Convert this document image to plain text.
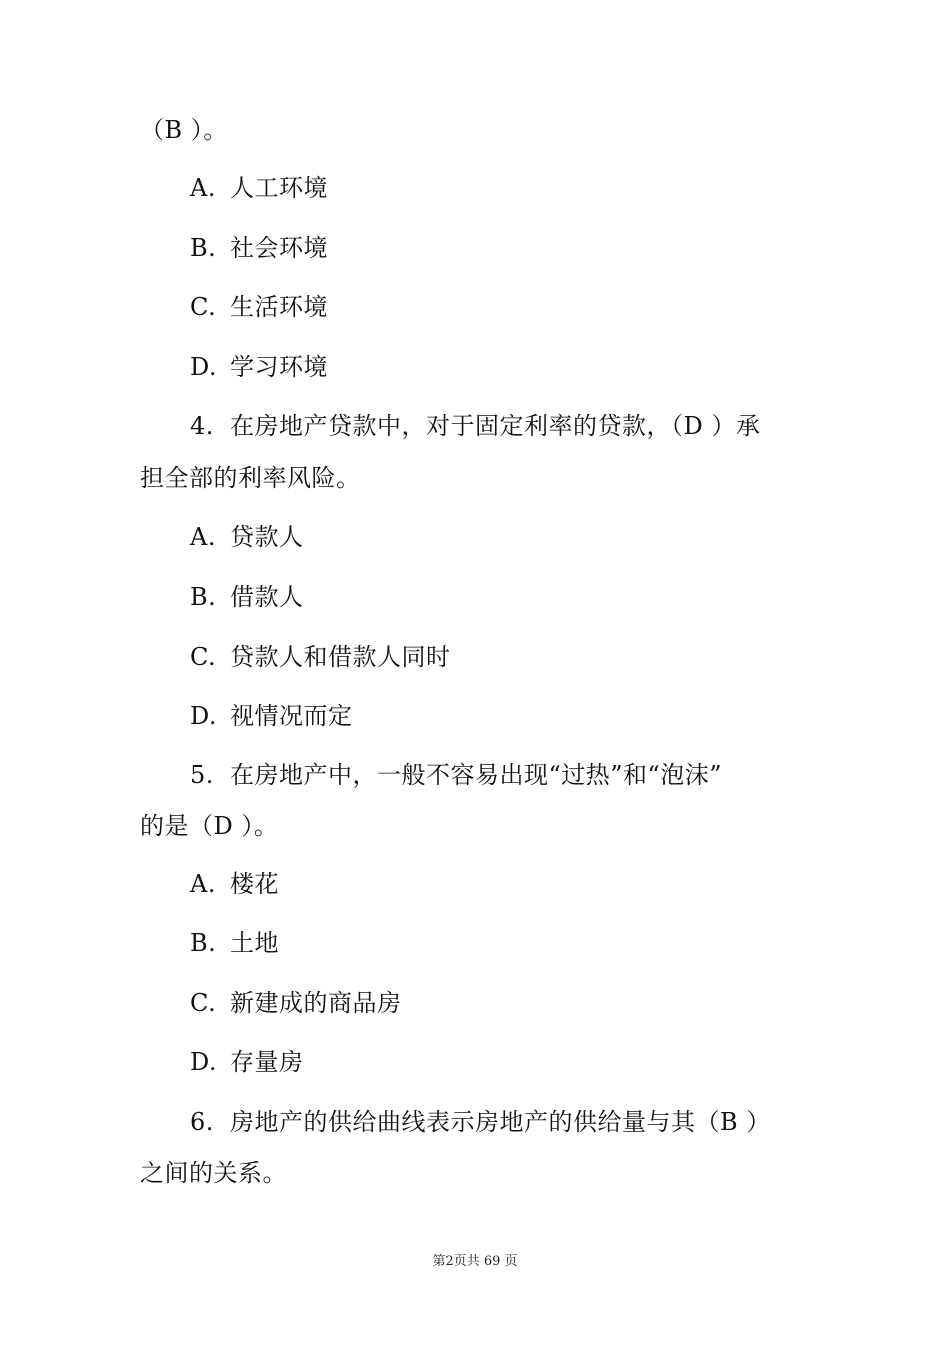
（B ）。
A. 人工环境
B. 社会环境
C. 生活环境
D. 学习环境
4. 在房地产贷款中，对于固定利率的贷款，（D ）承
担全部的利率风险。
A. 贷款人
B. 借款人
C. 贷款人和借款人同时
D. 视情况而定
5. 在房地产中，一般不容易出现“过热”和“泡沫”
的是（D ）。
A. 楼花
B. 土地
C. 新建成的商品房
D. 存量房
6. 房地产的供给曲线表示房地产的供给量与其（B ）
之间的关系。
第2页共 69 页
